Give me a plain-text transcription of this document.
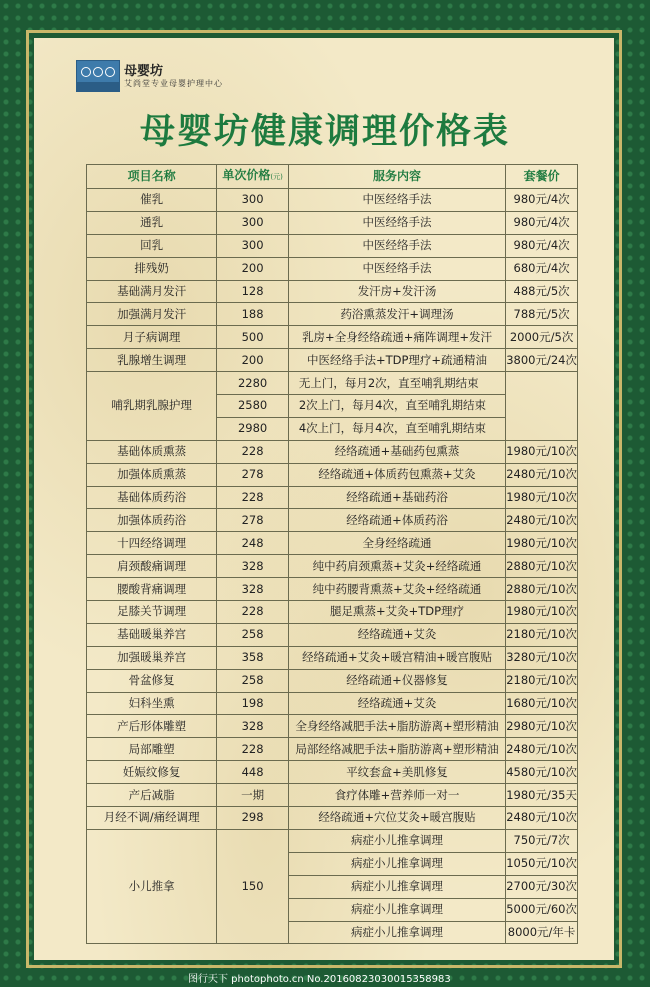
母婴坊
艾尚堂专业母婴护理中心
母婴坊健康调理价格表
项目名称	单次价格(元)	服务内容	套餐价
催乳	300	中医经络手法	980元/4次
通乳	300	中医经络手法	980元/4次
回乳	300	中医经络手法	980元/4次
排残奶	200	中医经络手法	680元/4次
基础满月发汗	128	发汗房+发汗汤	488元/5次
加强满月发汗	188	药浴熏蒸发汗+调理汤	788元/5次
月子病调理	500	乳房+全身经络疏通+痛阵调理+发汗	2000元/5次
乳腺增生调理	200	中医经络手法+TDP理疗+疏通精油	3800元/24次
哺乳期乳腺护理	2280	无上门，每月2次，直至哺乳期结束	
	2580	2次上门，每月4次，直至哺乳期结束	
	2980	4次上门，每月4次，直至哺乳期结束	
基础体质熏蒸	228	经络疏通+基础药包熏蒸	1980元/10次
加强体质熏蒸	278	经络疏通+体质药包熏蒸+艾灸	2480元/10次
基础体质药浴	228	经络疏通+基础药浴	1980元/10次
加强体质药浴	278	经络疏通+体质药浴	2480元/10次
十四经络调理	248	全身经络疏通	1980元/10次
肩颈酸痛调理	328	纯中药肩颈熏蒸+艾灸+经络疏通	2880元/10次
腰酸背痛调理	328	纯中药腰背熏蒸+艾灸+经络疏通	2880元/10次
足膝关节调理	228	腿足熏蒸+艾灸+TDP理疗	1980元/10次
基础暖巢养宫	258	经络疏通+艾灸	2180元/10次
加强暖巢养宫	358	经络疏通+艾灸+暖宫精油+暖宫腹贴	3280元/10次
骨盆修复	258	经络疏通+仪器修复	2180元/10次
妇科坐熏	198	经络疏通+艾灸	1680元/10次
产后形体雕塑	328	全身经络减肥手法+脂肪游离+塑形精油	2980元/10次
局部雕塑	228	局部经络减肥手法+脂肪游离+塑形精油	2480元/10次
妊娠纹修复	448	平纹套盒+美肌修复	4580元/10次
产后减脂	一期	食疗体雕+营养师一对一	1980元/35天
月经不调/痛经调理	298	经络疏通+穴位艾灸+暖宫腹贴	2480元/10次
小儿推拿	150	病症小儿推拿调理	750元/7次
		病症小儿推拿调理	1050元/10次
		病症小儿推拿调理	2700元/30次
		病症小儿推拿调理	5000元/60次
		病症小儿推拿调理	8000元/年卡
图行天下 photophoto.cn No.20160823030015358983
